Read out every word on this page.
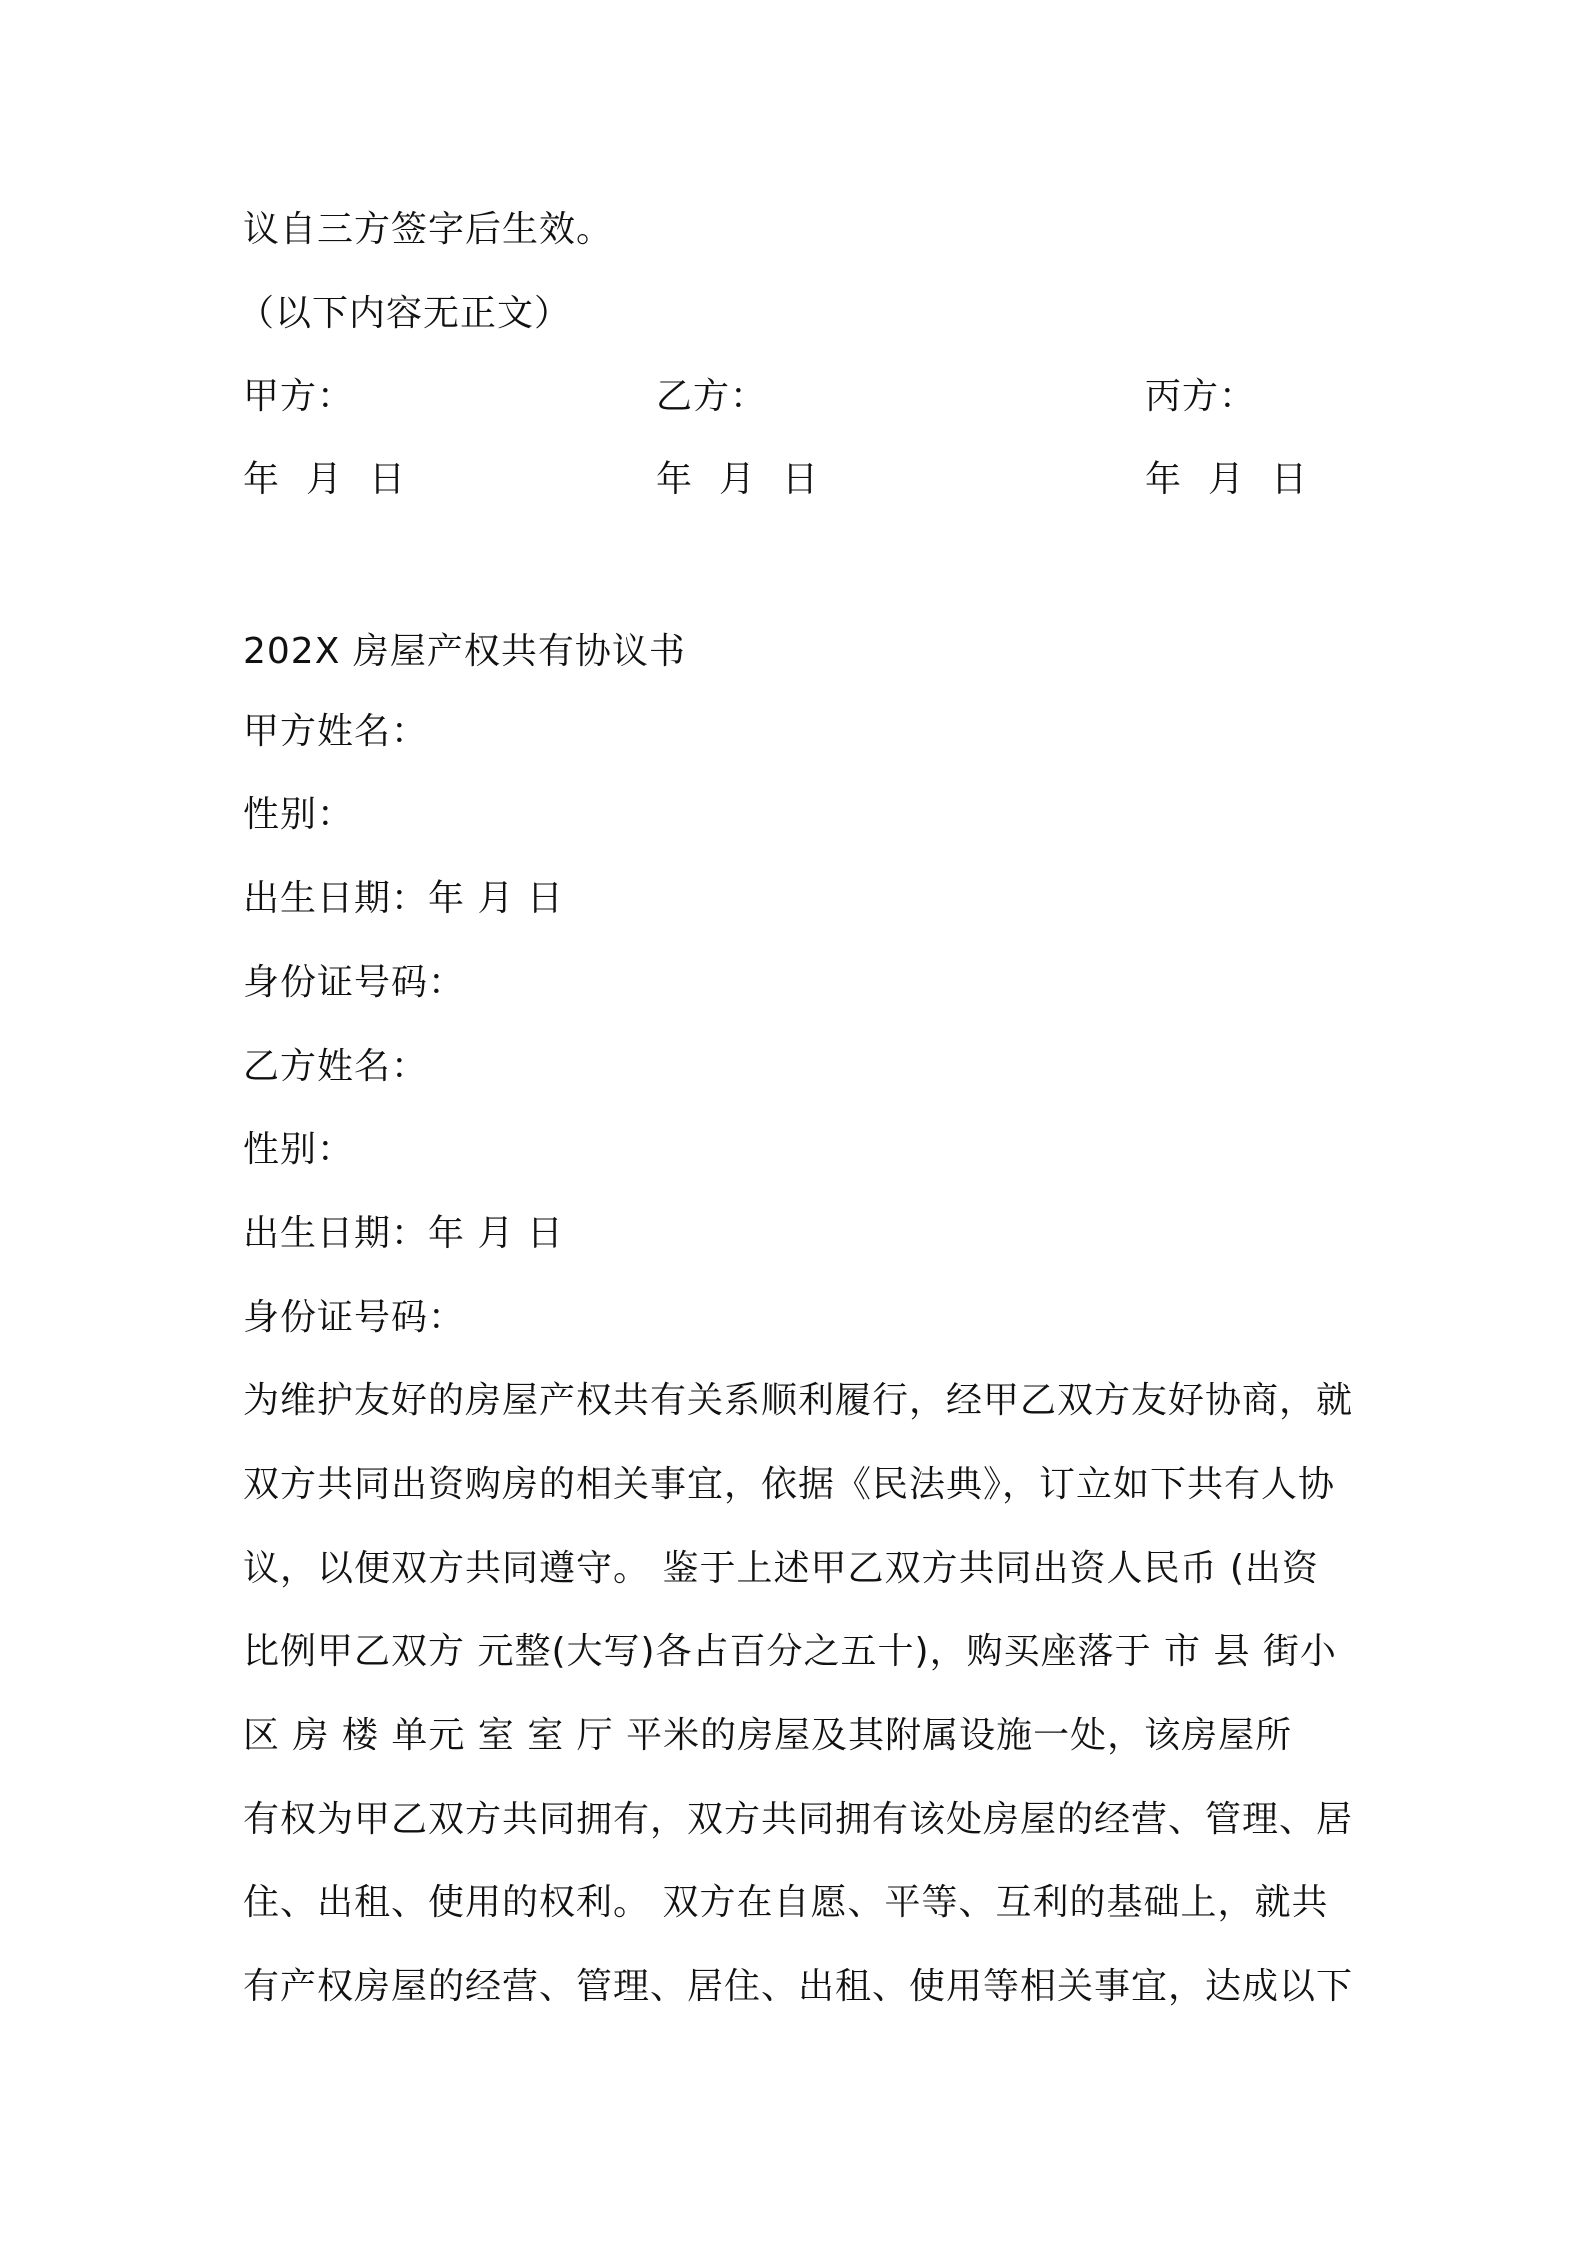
议自三方签字后生效。
（以下内容无正文）
甲方：	乙方：	丙方：
年 月 日	年 月 日	年 月 日
202X 房屋产权共有协议书
甲方姓名：
性别：
出生日期：年 月 日
身份证号码：
乙方姓名：
性别：
出生日期：年 月 日
身份证号码：
为维护友好的房屋产权共有关系顺利履行，经甲乙双方友好协商，就
双方共同出资购房的相关事宜，依据《民法典》，订立如下共有人协
议，以便双方共同遵守。 鉴于上述甲乙双方共同出资人民币 (出资
比例甲乙双方 元整(大写)各占百分之五十)，购买座落于 市 县 街小
区 房 楼 单元 室 室 厅 平米的房屋及其附属设施一处，该房屋所
有权为甲乙双方共同拥有，双方共同拥有该处房屋的经营、管理、居
住、出租、使用的权利。 双方在自愿、平等、互利的基础上，就共
有产权房屋的经营、管理、居住、出租、使用等相关事宜，达成以下
